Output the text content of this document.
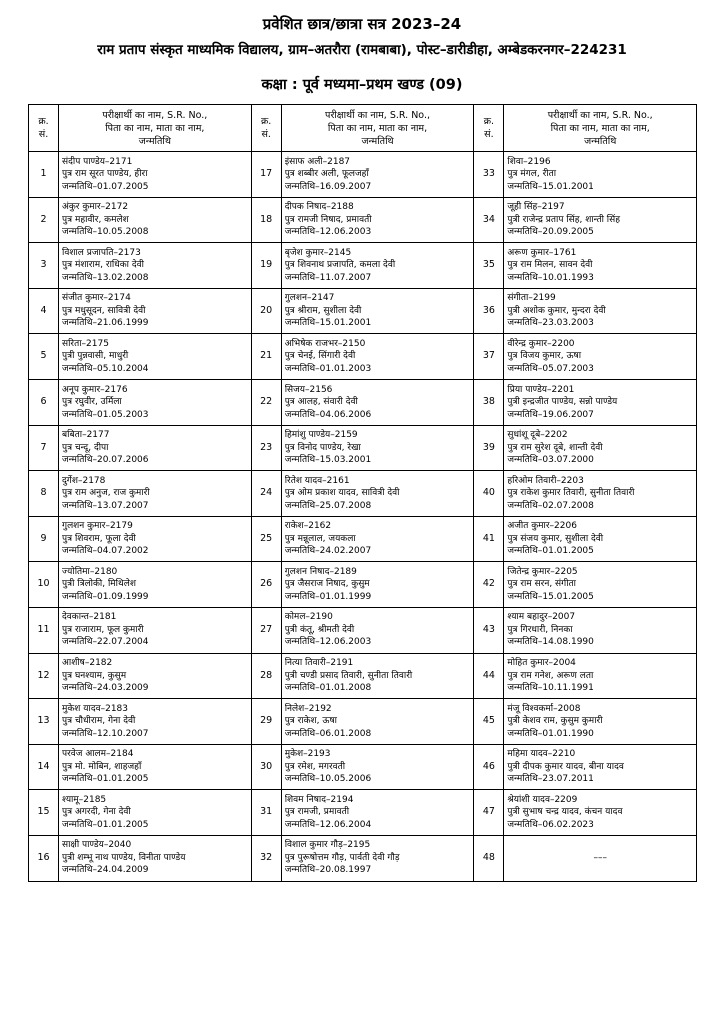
प्रवेशित छात्र/छात्रा सत्र 2023–24
राम प्रताप संस्कृत माध्यमिक विद्यालय, ग्राम–अतरौरा (रामबाबा), पोस्ट–डारीडीहा, अम्बेडकरनगर–224231
कक्षा : पूर्व मध्यमा–प्रथम खण्ड (09)
क्र.
सं.	परीक्षार्थी का नाम, S.R. No.,
पिता का नाम, माता का नाम,
जन्मतिथि	क्र.
सं.	परीक्षार्थी का नाम, S.R. No.,
पिता का नाम, माता का नाम,
जन्मतिथि	क्र.
सं.	परीक्षार्थी का नाम, S.R. No.,
पिता का नाम, माता का नाम,
जन्मतिथि

1	संदीप पाण्डेय–2171
पुत्र राम सूरत पाण्डेय, हीरा
जन्मतिथि–01.07.2005	17	इंसाफ अली–2187
पुत्र शब्बीर अली, फूलजहाँ
जन्मतिथि–16.09.2007	33	शिवा–2196
पुत्र मंगल, रीता
जन्मतिथि–15.01.2001

2	अंकुर कुमार–2172
पुत्र महावीर, कमलेश
जन्मतिथि–10.05.2008	18	दीपक निषाद–2188
पुत्र रामजी निषाद, प्रमावती
जन्मतिथि–12.06.2003	34	जूही सिंह–2197
पुत्री राजेन्द्र प्रताप सिंह, शान्ती सिंह
जन्मतिथि–20.09.2005

3	विशाल प्रजापति–2173
पुत्र मंशाराम, राधिका देवी
जन्मतिथि–13.02.2008	19	बृजेश कुमार–2145
पुत्र शिवनाथ प्रजापति, कमला देवी
जन्मतिथि–11.07.2007	35	अरूण कुमार–1761
पुत्र राम मिलन, सावन देवी
जन्मतिथि–10.01.1993

4	संजीत कुमार–2174
पुत्र मधुसूदन, सावित्री देवी
जन्मतिथि–21.06.1999	20	गुलशन–2147
पुत्र श्रीराम, सुशीला देवी
जन्मतिथि–15.01.2001	36	संगीता–2199
पुत्री अशोक कुमार, मुन्दरा देवी
जन्मतिथि–23.03.2003

5	सरिता–2175
पुत्री पुन्नवासी, माधुरी
जन्मतिथि–05.10.2004	21	अभिषेक राजभर–2150
पुत्र चेनई, सिंगारी देवी
जन्मतिथि–01.01.2003	37	वीरेन्द्र कुमार–2200
पुत्र विजय कुमार, ऊषा
जन्मतिथि–05.07.2003

6	अनूप कुमार–2176
पुत्र रघुवीर, उर्मिला
जन्मतिथि–01.05.2003	22	सिजय–2156
पुत्र आलह, संवारी देवी
जन्मतिथि–04.06.2006	38	प्रिया पाण्डेय–2201
पुत्री इन्द्रजीत पाण्डेय, सन्नो पाण्डेय
जन्मतिथि–19.06.2007

7	बबिता–2177
पुत्र चन्दू, दीपा
जन्मतिथि–20.07.2006	23	हिमांशु पाण्डेय–2159
पुत्र विनोद पाण्डेय, रेखा
जन्मतिथि–15.03.2001	39	सुधांशू दूबे–2202
पुत्र राम सुरेश दूबे, शान्ती देवी
जन्मतिथि–03.07.2000

8	दुर्गेश–2178
पुत्र राम अनुज, राज कुमारी
जन्मतिथि–13.07.2007	24	रितेश यादव–2161
पुत्र ओम प्रकाश यादव, सावित्री देवी
जन्मतिथि–25.07.2008	40	हरिओम तिवारी–2203
पुत्र राकेश कुमार तिवारी, सुनीता तिवारी
जन्मतिथि–02.07.2008

9	गुलशन कुमार–2179
पुत्र शिवराम, फूला देवी
जन्मतिथि–04.07.2002	25	राकेश–2162
पुत्र मन्नूलाल, जयकला
जन्मतिथि–24.02.2007	41	अजीत कुमार–2206
पुत्र संजय कुमार, सुशीला देवी
जन्मतिथि–01.01.2005

10	ज्योतिमा–2180
पुत्री त्रिलोकी, मिथिलेश
जन्मतिथि–01.09.1999	26	गुलशन निषाद–2189
पुत्र जैसराज निषाद, कुसुम
जन्मतिथि–01.01.1999	42	जितेन्द्र कुमार–2205
पुत्र राम सरन, संगीता
जन्मतिथि–15.01.2005

11	देवकान्त–2181
पुत्र राजाराम, फूल कुमारी
जन्मतिथि–22.07.2004	27	कोमल–2190
पुत्री कंतू, श्रीमती देवी
जन्मतिथि–12.06.2003	43	श्याम बहादुर–2007
पुत्र गिरधारी, निनका
जन्मतिथि–14.08.1990

12	आशीष–2182
पुत्र घनश्याम, कुसुम
जन्मतिथि–24.03.2009	28	नित्या तिवारी–2191
पुत्री चण्डी प्रसाद तिवारी, सुनीता तिवारी
जन्मतिथि–01.01.2008	44	मोहित कुमार–2004
पुत्र राम गनेश, अरूण लता
जन्मतिथि–10.11.1991

13	मुकेश यादव–2183
पुत्र चौधीराम, गेना देवी
जन्मतिथि–12.10.2007	29	निलेश–2192
पुत्र राकेश, ऊषा
जन्मतिथि–06.01.2008	45	मंजू विश्वकर्मा–2008
पुत्री केशव राम, कुसुम कुमारी
जन्मतिथि–01.01.1990

14	परवेज आलम–2184
पुत्र मो. मोबिन, शाहजहाँ
जन्मतिथि–01.01.2005	30	मुकेश–2193
पुत्र रमेश, मगरवती
जन्मतिथि–10.05.2006	46	महिमा यादव–2210
पुत्री दीपक कुमार यादव, बीना यादव
जन्मतिथि–23.07.2011

15	श्यामू–2185
पुत्र अगरदी, गेना देवी
जन्मतिथि–01.01.2005	31	शिवम निषाद–2194
पुत्र रामजी, प्रमावती
जन्मतिथि–12.06.2004	47	श्रेयांशी यादव–2209
पुत्री सुभाष चन्द्र यादव, कंचन यादव
जन्मतिथि–06.02.2023

16	साक्षी पाण्डेय–2040
पुत्री शम्भू नाथ पाण्डेय, विनीता पाण्डेय
जन्मतिथि–24.04.2009	32	विशाल कुमार गौड़–2195
पुत्र पुरूषोत्तम गौड़, पार्वती देवी गौड़
जन्मतिथि–20.08.1997	48	–––
